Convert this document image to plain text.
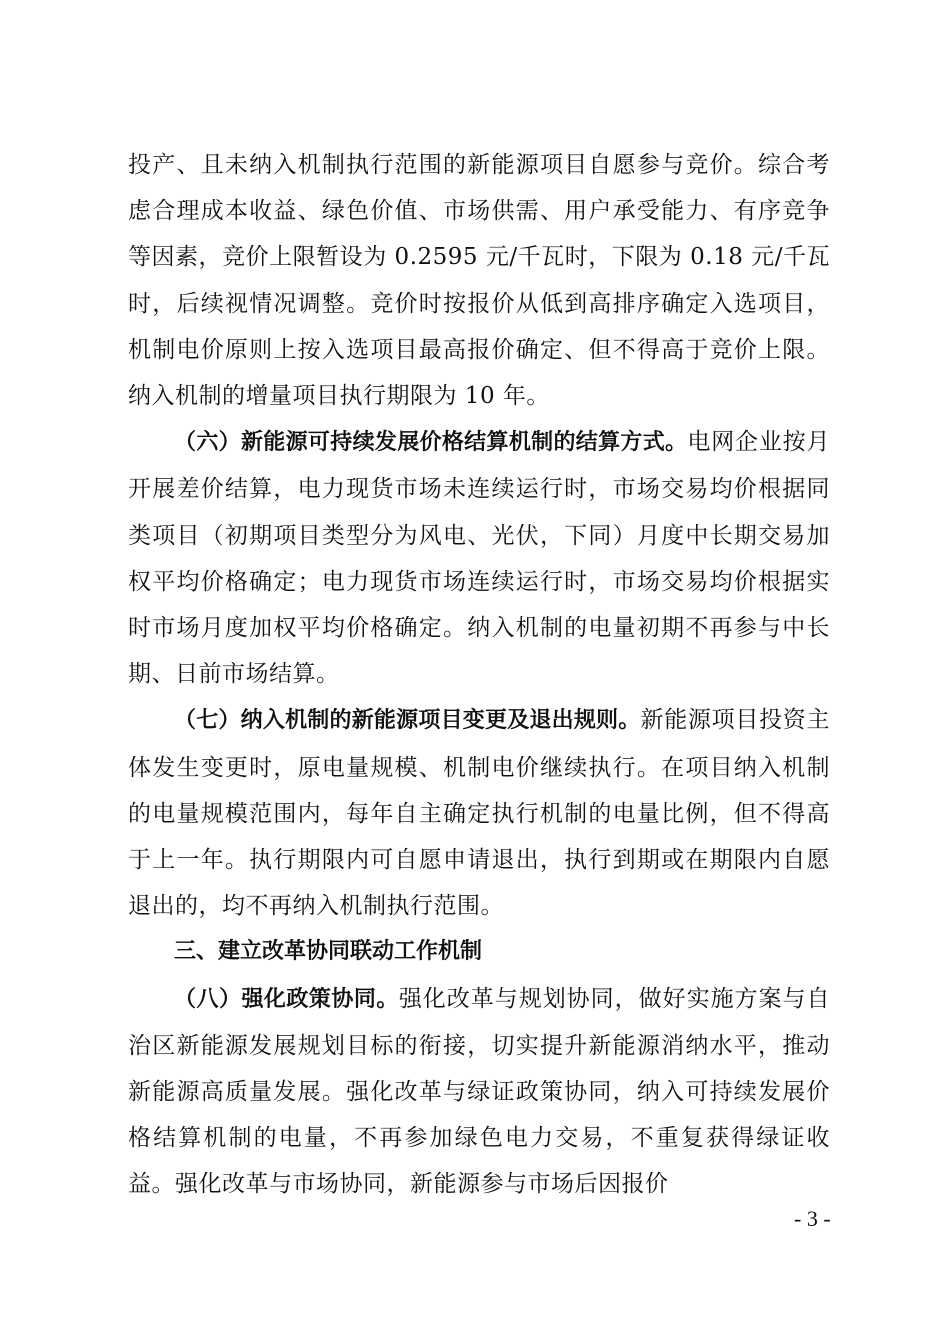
投产、且未纳入机制执行范围的新能源项目自愿参与竞价。综合考虑合理成本收益、绿色价值、市场供需、用户承受能力、有序竞争等因素，竞价上限暂设为 0.2595 元/千瓦时，下限为 0.18 元/千瓦时，后续视情况调整。竞价时按报价从低到高排序确定入选项目，机制电价原则上按入选项目最高报价确定、但不得高于竞价上限。纳入机制的增量项目执行期限为 10 年。

（六）新能源可持续发展价格结算机制的结算方式。电网企业按月开展差价结算，电力现货市场未连续运行时，市场交易均价根据同类项目（初期项目类型分为风电、光伏，下同）月度中长期交易加权平均价格确定；电力现货市场连续运行时，市场交易均价根据实时市场月度加权平均价格确定。纳入机制的电量初期不再参与中长期、日前市场结算。

（七）纳入机制的新能源项目变更及退出规则。新能源项目投资主体发生变更时，原电量规模、机制电价继续执行。在项目纳入机制的电量规模范围内，每年自主确定执行机制的电量比例，但不得高于上一年。执行期限内可自愿申请退出，执行到期或在期限内自愿退出的，均不再纳入机制执行范围。

三、建立改革协同联动工作机制

（八）强化政策协同。强化改革与规划协同，做好实施方案与自治区新能源发展规划目标的衔接，切实提升新能源消纳水平，推动新能源高质量发展。强化改革与绿证政策协同，纳入可持续发展价格结算机制的电量，不再参加绿色电力交易，不重复获得绿证收益。强化改革与市场协同，新能源参与市场后因报价

- 3 -
